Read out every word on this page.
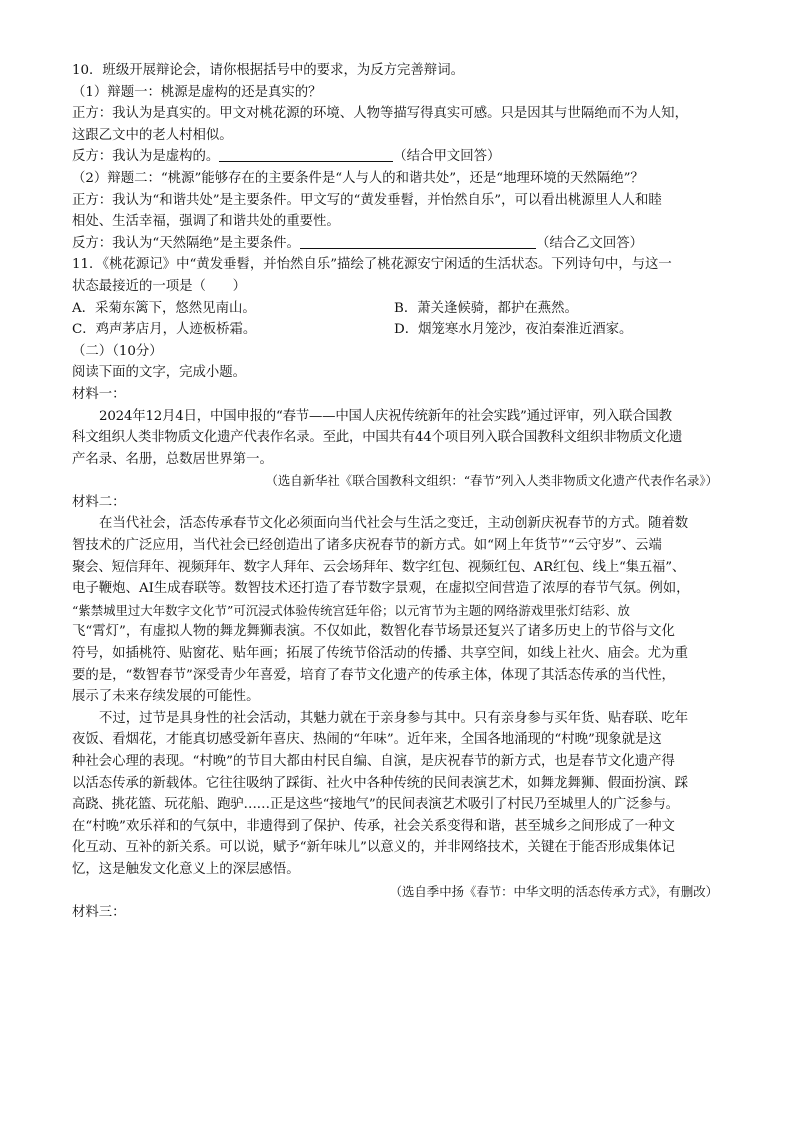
10．班级开展辩论会，请你根据括号中的要求，为反方完善辩词。
（1）辩题一：桃源是虚构的还是真实的？
正方：我认为是真实的。甲文对桃花源的环境、人物等描写得真实可感。只是因其与世隔绝而不为人知，
这跟乙文中的老人村相似。
反方：我认为是虚构的。	（结合甲文回答）
（2）辩题二：“桃源”能够存在的主要条件是“人与人的和谐共处”，还是“地理环境的天然隔绝”？
正方：我认为“和谐共处”是主要条件。甲文写的“黄发垂髫，并怡然自乐”，可以看出桃源里人人和睦
相处、生活幸福，强调了和谐共处的重要性。
反方：我认为“天然隔绝”是主要条件。	（结合乙文回答）
11．《桃花源记》中“黄发垂髫，并怡然自乐”描绘了桃花源安宁闲适的生活状态。下列诗句中，与这一
状态最接近的一项是（　　）
A．采菊东篱下，悠然见南山。	B．萧关逢候骑，都护在燕然。
C．鸡声茅店月，人迹板桥霜。	D．烟笼寒水月笼沙，夜泊秦淮近酒家。
（二）（10分）
阅读下面的文字，完成小题。
材料一：
2024年12月4日，中国申报的“春节——中国人庆祝传统新年的社会实践”通过评审，列入联合国教
科文组织人类非物质文化遗产代表作名录。至此，中国共有44个项目列入联合国教科文组织非物质文化遗
产名录、名册，总数居世界第一。
（选自新华社《联合国教科文组织：“春节”列入人类非物质文化遗产代表作名录》）
材料二：
在当代社会，活态传承春节文化必须面向当代社会与生活之变迁，主动创新庆祝春节的方式。随着数
智技术的广泛应用，当代社会已经创造出了诸多庆祝春节的新方式。如“网上年货节”“云守岁”、云端
聚会、短信拜年、视频拜年、数字人拜年、云会场拜年、数字红包、视频红包、AR红包、线上“集五福”、
电子鞭炮、AI生成春联等。数智技术还打造了春节数字景观，在虚拟空间营造了浓厚的春节气氛。例如，
“紫禁城里过大年数字文化节”可沉浸式体验传统宫廷年俗；以元宵节为主题的网络游戏里张灯结彩、放
飞“霄灯”，有虚拟人物的舞龙舞狮表演。不仅如此，数智化春节场景还复兴了诸多历史上的节俗与文化
符号，如插桃符、贴窗花、贴年画；拓展了传统节俗活动的传播、共享空间，如线上社火、庙会。尤为重
要的是，“数智春节”深受青少年喜爱，培育了春节文化遗产的传承主体，体现了其活态传承的当代性，
展示了未来存续发展的可能性。
不过，过节是具身性的社会活动，其魅力就在于亲身参与其中。只有亲身参与买年货、贴春联、吃年
夜饭、看烟花，才能真切感受新年喜庆、热闹的“年味”。近年来，全国各地涌现的“村晚”现象就是这
种社会心理的表现。“村晚”的节目大都由村民自编、自演，是庆祝春节的新方式，也是春节文化遗产得
以活态传承的新载体。它往往吸纳了踩街、社火中各种传统的民间表演艺术，如舞龙舞狮、假面扮演、踩
高跷、挑花篮、玩花船、跑驴……正是这些“接地气”的民间表演艺术吸引了村民乃至城里人的广泛参与。
在“村晚”欢乐祥和的气氛中，非遗得到了保护、传承，社会关系变得和谐，甚至城乡之间形成了一种文
化互动、互补的新关系。可以说，赋予“新年味儿”以意义的，并非网络技术，关键在于能否形成集体记
忆，这是触发文化意义上的深层感悟。
（选自季中扬《春节：中华文明的活态传承方式》，有删改）
材料三：
